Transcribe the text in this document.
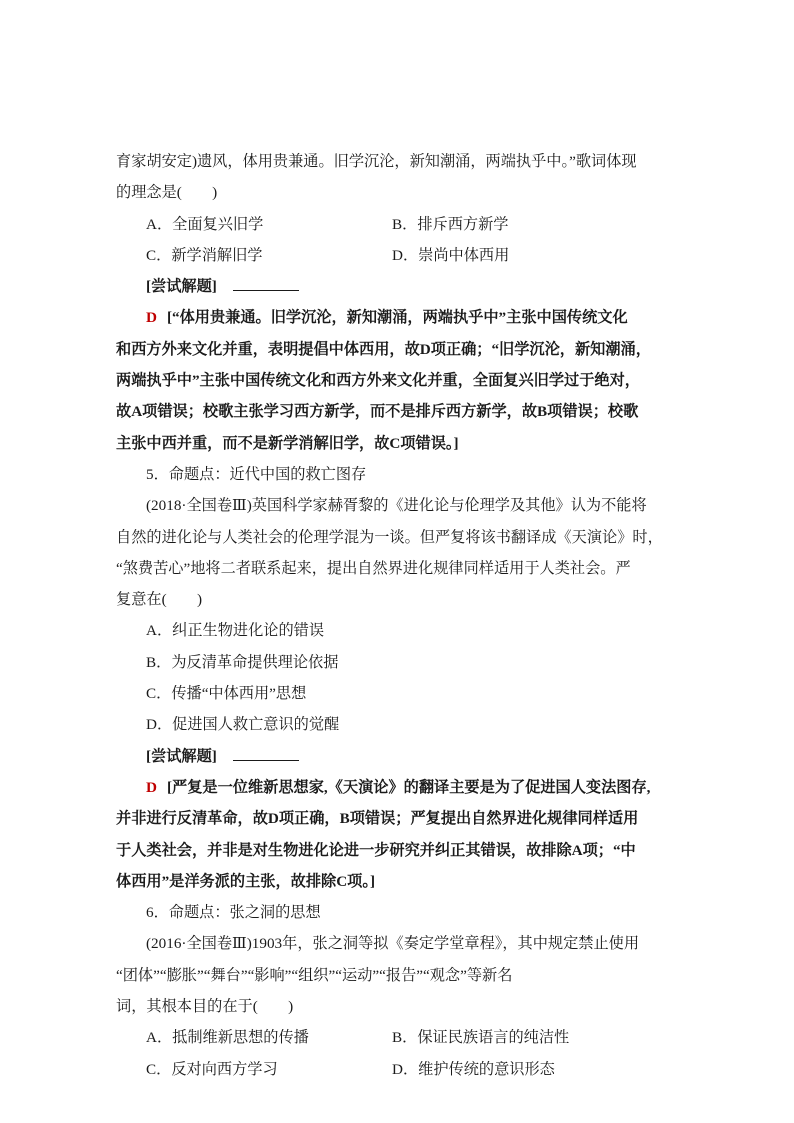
育家胡安定)遗风，体用贵兼通。旧学沉沦，新知潮涌，两端执乎中。”歌词体现
的理念是(　　)
A．全面复兴旧学	B．排斥西方新学
C．新学消解旧学	D．崇尚中体西用
[尝试解题]
D [“体用贵兼通。旧学沉沦，新知潮涌，两端执乎中”主张中国传统文化
和西方外来文化并重，表明提倡中体西用，故D项正确；“旧学沉沦，新知潮涌，
两端执乎中”主张中国传统文化和西方外来文化并重，全面复兴旧学过于绝对，
故A项错误；校歌主张学习西方新学，而不是排斥西方新学，故B项错误；校歌
主张中西并重，而不是新学消解旧学，故C项错误。]
5．命题点：近代中国的救亡图存
(2018·全国卷Ⅲ)英国科学家赫胥黎的《进化论与伦理学及其他》认为不能将
自然的进化论与人类社会的伦理学混为一谈。但严复将该书翻译成《天演论》时，
“煞费苦心”地将二者联系起来，提出自然界进化规律同样适用于人类社会。严
复意在(　　)
A．纠正生物进化论的错误
B．为反清革命提供理论依据
C．传播“中体西用”思想
D．促进国人救亡意识的觉醒
[尝试解题]
D [严复是一位维新思想家,《天演论》的翻译主要是为了促进国人变法图存,
并非进行反清革命，故D项正确，B项错误；严复提出自然界进化规律同样适用
于人类社会，并非是对生物进化论进一步研究并纠正其错误，故排除A项；“中
体西用”是洋务派的主张，故排除C项。]
6．命题点：张之洞的思想
(2016·全国卷Ⅲ)1903年，张之洞等拟《奏定学堂章程》，其中规定禁止使用
“团体”“膨胀”“舞台”“影响”“组织”“运动”“报告”“观念”等新名
词，其根本目的在于(　　)
A．抵制维新思想的传播	B．保证民族语言的纯洁性
C．反对向西方学习	D．维护传统的意识形态
